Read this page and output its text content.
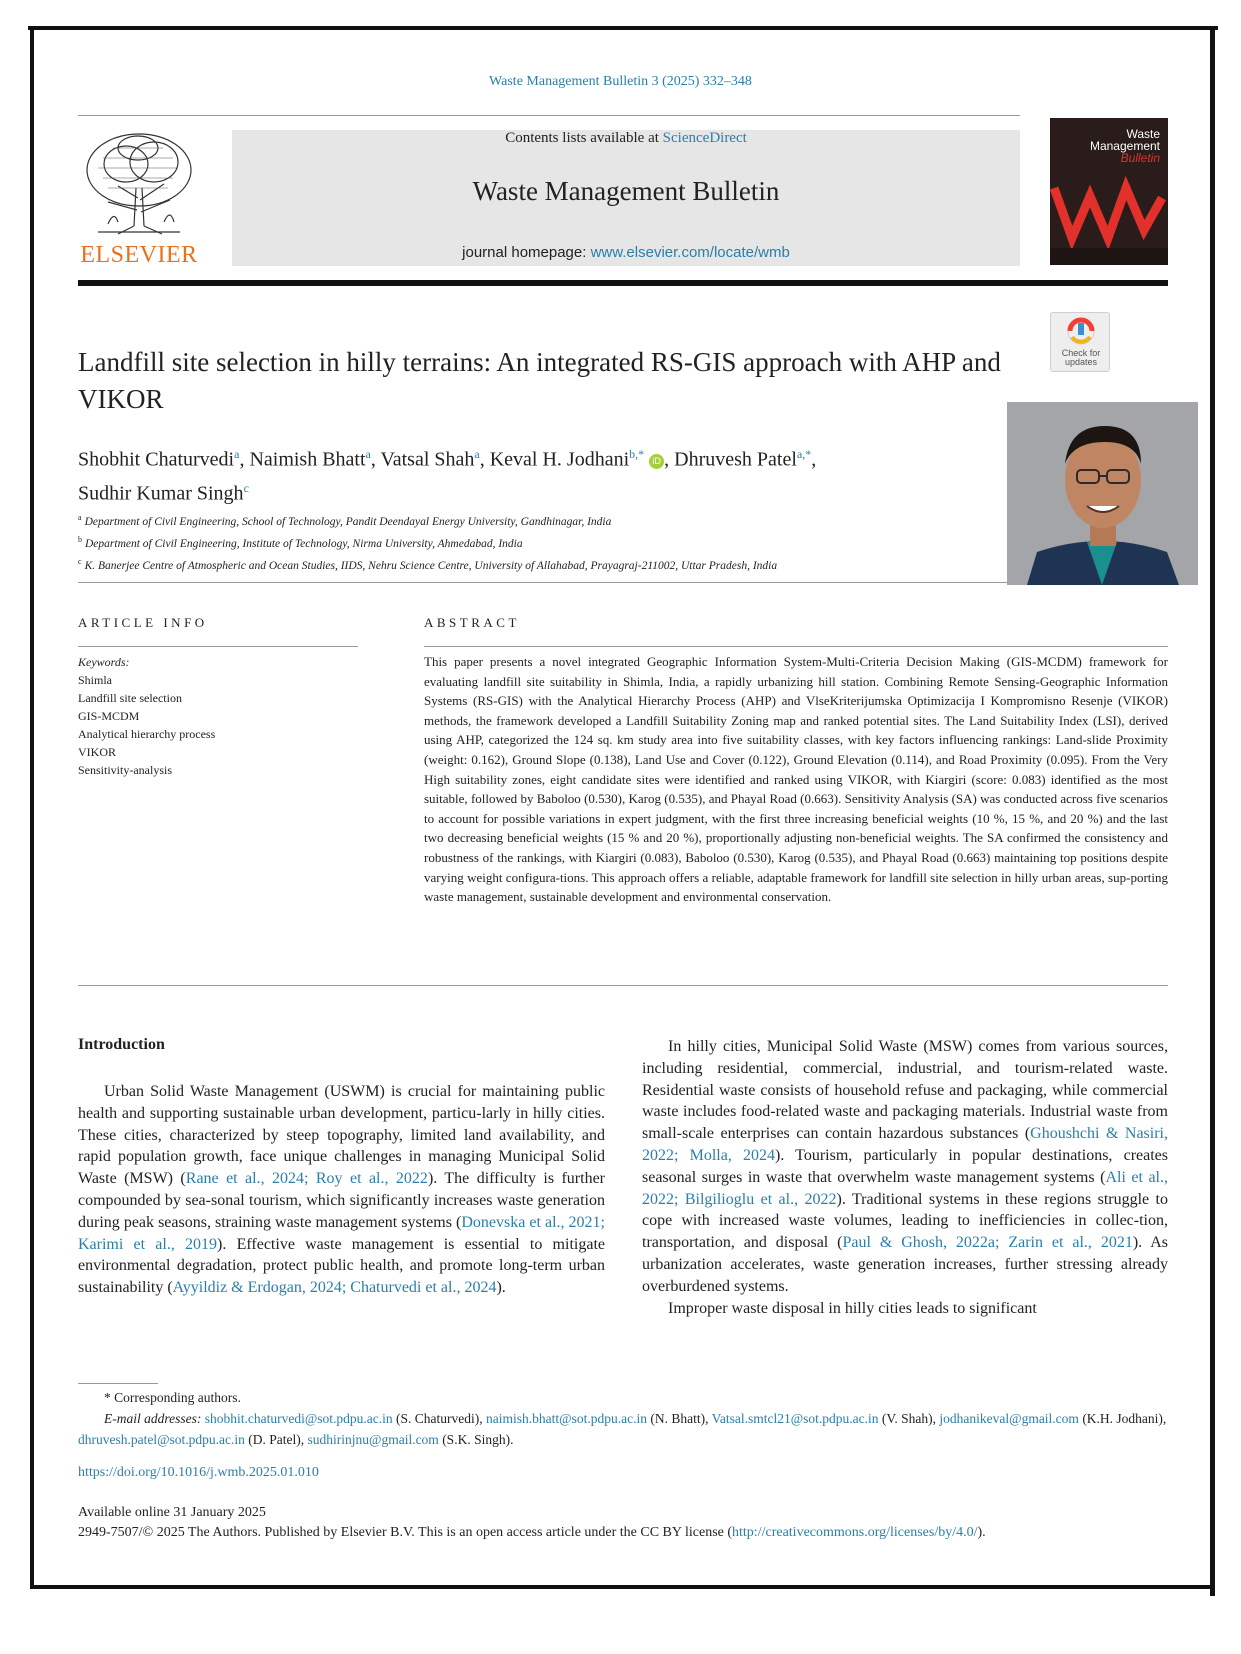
Waste Management Bulletin 3 (2025) 332–348
ELSEVIER
Contents lists available at ScienceDirect
Waste Management Bulletin
journal homepage: www.elsevier.com/locate/wmb
Waste
Management
Bulletin
Check for
updates
Landfill site selection in hilly terrains: An integrated RS-GIS approach with AHP and VIKOR
Shobhit Chaturvedi$^a$, Naimish Bhatt$^a$, Vatsal Shah$^a$, Keval H. Jodhani$^{b,*}$ iD , Dhruvesh Patel$^{a,*}$,
Sudhir Kumar Singh$^c$
$^a$ Department of Civil Engineering, School of Technology, Pandit Deendayal Energy University, Gandhinagar, India
$^b$ Department of Civil Engineering, Institute of Technology, Nirma University, Ahmedabad, India
$^c$ K. Banerjee Centre of Atmospheric and Ocean Studies, IIDS, Nehru Science Centre, University of Allahabad, Prayagraj-211002, Uttar Pradesh, India
ARTICLE INFO
Keywords:
Shimla
Landfill site selection
GIS-MCDM
Analytical hierarchy process
VIKOR
Sensitivity-analysis
ABSTRACT
This paper presents a novel integrated Geographic Information System-Multi-Criteria Decision Making (GIS-MCDM) framework for evaluating landfill site suitability in Shimla, India, a rapidly urbanizing hill station. Combining Remote Sensing-Geographic Information Systems (RS-GIS) with the Analytical Hierarchy Process (AHP) and VlseKriterijumska Optimizacija I Kompromisno Resenje (VIKOR) methods, the framework developed a Landfill Suitability Zoning map and ranked potential sites. The Land Suitability Index (LSI), derived using AHP, categorized the 124 sq. km study area into five suitability classes, with key factors influencing rankings: Land-slide Proximity (weight: 0.162), Ground Slope (0.138), Land Use and Cover (0.122), Ground Elevation (0.114), and Road Proximity (0.095). From the Very High suitability zones, eight candidate sites were identified and ranked using VIKOR, with Kiargiri (score: 0.083) identified as the most suitable, followed by Baboloo (0.530), Karog (0.535), and Phayal Road (0.663). Sensitivity Analysis (SA) was conducted across five scenarios to account for possible variations in expert judgment, with the first three increasing beneficial weights (10 %, 15 %, and 20 %) and the last two decreasing beneficial weights (15 % and 20 %), proportionally adjusting non-beneficial weights. The SA confirmed the consistency and robustness of the rankings, with Kiargiri (0.083), Baboloo (0.530), Karog (0.535), and Phayal Road (0.663) maintaining top positions despite varying weight configura-tions. This approach offers a reliable, adaptable framework for landfill site selection in hilly urban areas, sup-porting waste management, sustainable development and environmental conservation.
Introduction

Urban Solid Waste Management (USWM) is crucial for maintaining public health and supporting sustainable urban development, particu-larly in hilly cities. These cities, characterized by steep topography, limited land availability, and rapid population growth, face unique challenges in managing Municipal Solid Waste (MSW) (Rane et al., 2024; Roy et al., 2022). The difficulty is further compounded by sea-sonal tourism, which significantly increases waste generation during peak seasons, straining waste management systems (Donevska et al., 2021; Karimi et al., 2019). Effective waste management is essential to mitigate environmental degradation, protect public health, and promote long-term urban sustainability (Ayyildiz & Erdogan, 2024; Chaturvedi et al., 2024).

In hilly cities, Municipal Solid Waste (MSW) comes from various sources, including residential, commercial, industrial, and tourism-related waste. Residential waste consists of household refuse and packaging, while commercial waste includes food-related waste and packaging materials. Industrial waste from small-scale enterprises can contain hazardous substances (Ghoushchi & Nasiri, 2022; Molla, 2024). Tourism, particularly in popular destinations, creates seasonal surges in waste that overwhelm waste management systems (Ali et al., 2022; Bilgilioglu et al., 2022). Traditional systems in these regions struggle to cope with increased waste volumes, leading to inefficiencies in collec-tion, transportation, and disposal (Paul & Ghosh, 2022a; Zarin et al., 2021). As urbanization accelerates, waste generation increases, further stressing already overburdened systems.

Improper waste disposal in hilly cities leads to significant

* Corresponding authors.
E-mail addresses: shobhit.chaturvedi@sot.pdpu.ac.in (S. Chaturvedi), naimish.bhatt@sot.pdpu.ac.in (N. Bhatt), Vatsal.smtcl21@sot.pdpu.ac.in (V. Shah), jodhanikeval@gmail.com (K.H. Jodhani), dhruvesh.patel@sot.pdpu.ac.in (D. Patel), sudhirinjnu@gmail.com (S.K. Singh).
https://doi.org/10.1016/j.wmb.2025.01.010
Available online 31 January 2025
2949-7507/© 2025 The Authors. Published by Elsevier B.V. This is an open access article under the CC BY license (http://creativecommons.org/licenses/by/4.0/).
